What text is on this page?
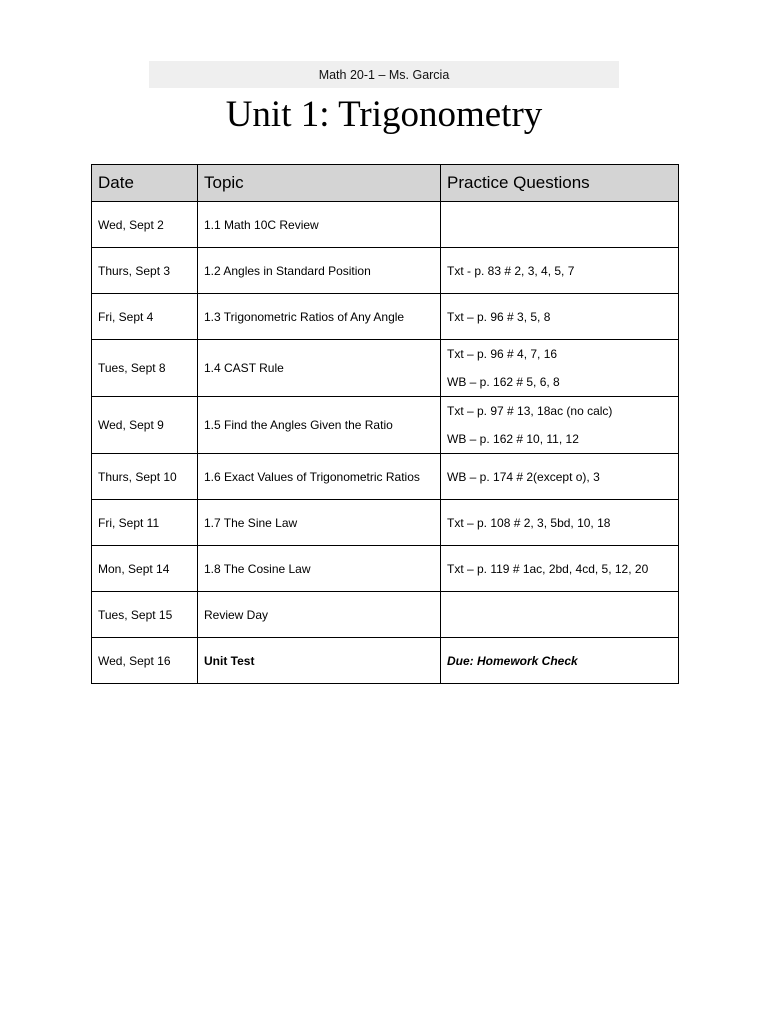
Math 20-1 – Ms. Garcia
Unit 1: Trigonometry
Date	Topic	Practice Questions
Wed, Sept 2	1.1 Math 10C Review	

Thurs, Sept 3	1.2 Angles in Standard Position	Txt - p. 83 # 2, 3, 4, 5, 7

Fri, Sept 4	1.3 Trigonometric Ratios of Any Angle	Txt – p. 96 # 3, 5, 8

Tues, Sept 8	1.4 CAST Rule	Txt – p. 96 # 4, 7, 16
WB – p. 162 # 5, 6, 8

Wed, Sept 9	1.5 Find the Angles Given the Ratio	Txt – p. 97 # 13, 18ac (no calc)
WB – p. 162 # 10, 11, 12

Thurs, Sept 10	1.6 Exact Values of Trigonometric Ratios	WB – p. 174 # 2(except o), 3

Fri, Sept 11	1.7 The Sine Law	Txt – p. 108 # 2, 3, 5bd, 10, 18

Mon, Sept 14	1.8 The Cosine Law	Txt – p. 119 # 1ac, 2bd, 4cd, 5, 12, 20

Tues, Sept 15	Review Day	

Wed, Sept 16	Unit Test	Due: Homework Check
